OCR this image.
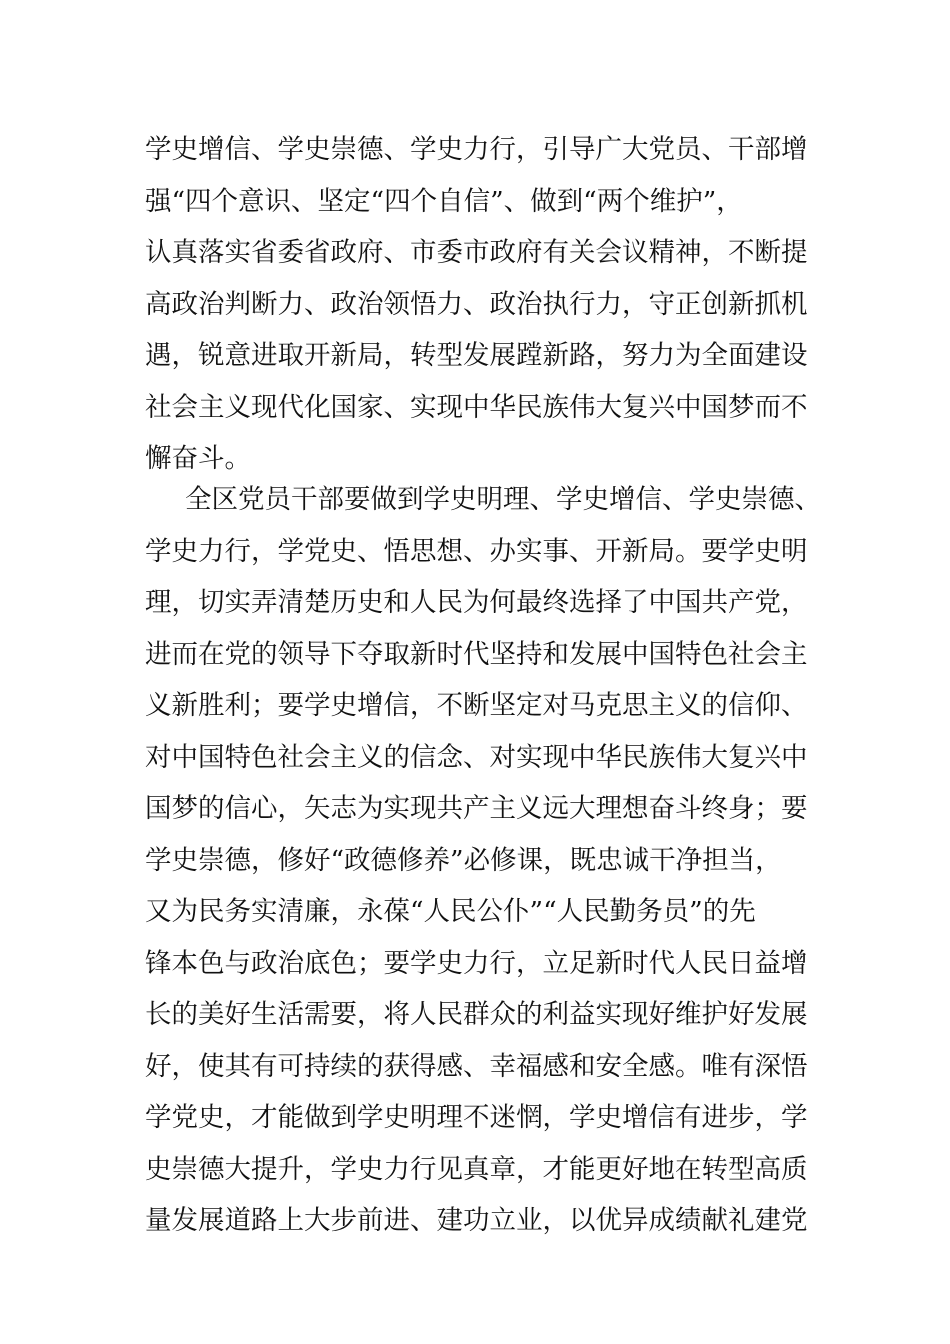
学史增信、学史崇德、学史力行，引导广大党员、干部增
强“四个意识、坚定“四个自信”、做到“两个维护”，
认真落实省委省政府、市委市政府有关会议精神，不断提
高政治判断力、政治领悟力、政治执行力，守正创新抓机
遇，锐意进取开新局，转型发展蹚新路，努力为全面建设
社会主义现代化国家、实现中华民族伟大复兴中国梦而不
懈奋斗。
全区党员干部要做到学史明理、学史增信、学史崇德、
学史力行，学党史、悟思想、办实事、开新局。要学史明
理，切实弄清楚历史和人民为何最终选择了中国共产党，
进而在党的领导下夺取新时代坚持和发展中国特色社会主
义新胜利；要学史增信，不断坚定对马克思主义的信仰、
对中国特色社会主义的信念、对实现中华民族伟大复兴中
国梦的信心，矢志为实现共产主义远大理想奋斗终身；要
学史崇德，修好“政德修养”必修课，既忠诚干净担当，
又为民务实清廉，永葆“人民公仆”“人民勤务员”的先
锋本色与政治底色；要学史力行，立足新时代人民日益增
长的美好生活需要，将人民群众的利益实现好维护好发展
好，使其有可持续的获得感、幸福感和安全感。唯有深悟
学党史，才能做到学史明理不迷惘，学史增信有进步，学
史崇德大提升，学史力行见真章，才能更好地在转型高质
量发展道路上大步前进、建功立业，以优异成绩献礼建党
